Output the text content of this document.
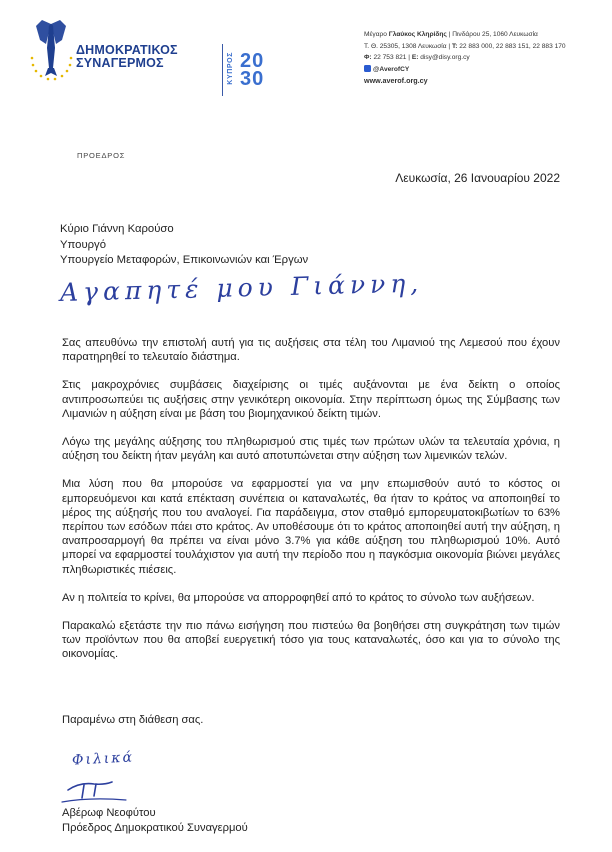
ΔΗΜΟΚΡΑΤΙΚΟΣ
ΣΥΝΑΓΕΡΜΟΣ	ΚΥΠΡΟΣ 20
30
Μέγαρο Γλαύκος Κληρίδης | Πινδάρου 25, 1060 Λευκωσία
Τ. Θ. 25305, 1308 Λευκωσία | Τ: 22 883 000, 22 883 151, 22 883 170
Φ: 22 753 821 | E: disy@disy.org.cy
@AverofCY
www.averof.org.cy
ΠΡΟΕΔΡΟΣ
Λευκωσία, 26 Ιανουαρίου 2022
Κύριο Γιάννη Καρούσο
Υπουργό
Υπουργείο Μεταφορών, Επικοινωνιών και Έργων
Αγαπητέ μου Γιάννη,

Σας απευθύνω την επιστολή αυτή για τις αυξήσεις στα τέλη του Λιμανιού της Λεμεσού που έχουν παρατηρηθεί το τελευταίο διάστημα.

Στις μακροχρόνιες συμβάσεις διαχείρισης οι τιμές αυξάνονται με ένα δείκτη ο οποίος αντιπροσωπεύει τις αυξήσεις στην γενικότερη οικονομία. Στην περίπτωση όμως της Σύμβασης των Λιμανιών η αύξηση είναι με βάση του βιομηχανικού δείκτη τιμών.

Λόγω της μεγάλης αύξησης του πληθωρισμού στις τιμές των πρώτων υλών τα τελευταία χρόνια, η αύξηση του δείκτη ήταν μεγάλη και αυτό αποτυπώνεται στην αύξηση των λιμενικών τελών.

Μια λύση που θα μπορούσε να εφαρμοστεί για να μην επωμισθούν αυτό το κόστος οι εμπορευόμενοι και κατά επέκταση συνέπεια οι καταναλωτές, θα ήταν το κράτος να αποποιηθεί το μέρος της αύξησής που του αναλογεί. Για παράδειγμα, στον σταθμό εμπορευματοκιβωτίων το 63% περίπου των εσόδων πάει στο κράτος. Αν υποθέσουμε ότι το κράτος αποποιηθεί αυτή την αύξηση, η αναπροσαρμογή θα πρέπει να είναι μόνο 3.7% για κάθε αύξηση του πληθωρισμού 10%. Αυτό μπορεί να εφαρμοστεί τουλάχιστον για αυτή την περίοδο που η παγκόσμια οικονομία βιώνει μεγάλες πληθωριστικές πιέσεις.

Αν η πολιτεία το κρίνει, θα μπορούσε να απορροφηθεί από το κράτος το σύνολο των αυξήσεων.

Παρακαλώ εξετάστε την πιο πάνω εισήγηση που πιστεύω θα βοηθήσει στη συγκράτηση των τιμών των προϊόντων που θα αποβεί ευεργετική τόσο για τους καταναλωτές, όσο και για το σύνολο της οικονομίας.

Παραμένω στη διάθεση σας.
Φιλικά
Αβέρωφ Νεοφύτου
Πρόεδρος Δημοκρατικού Συναγερμού
